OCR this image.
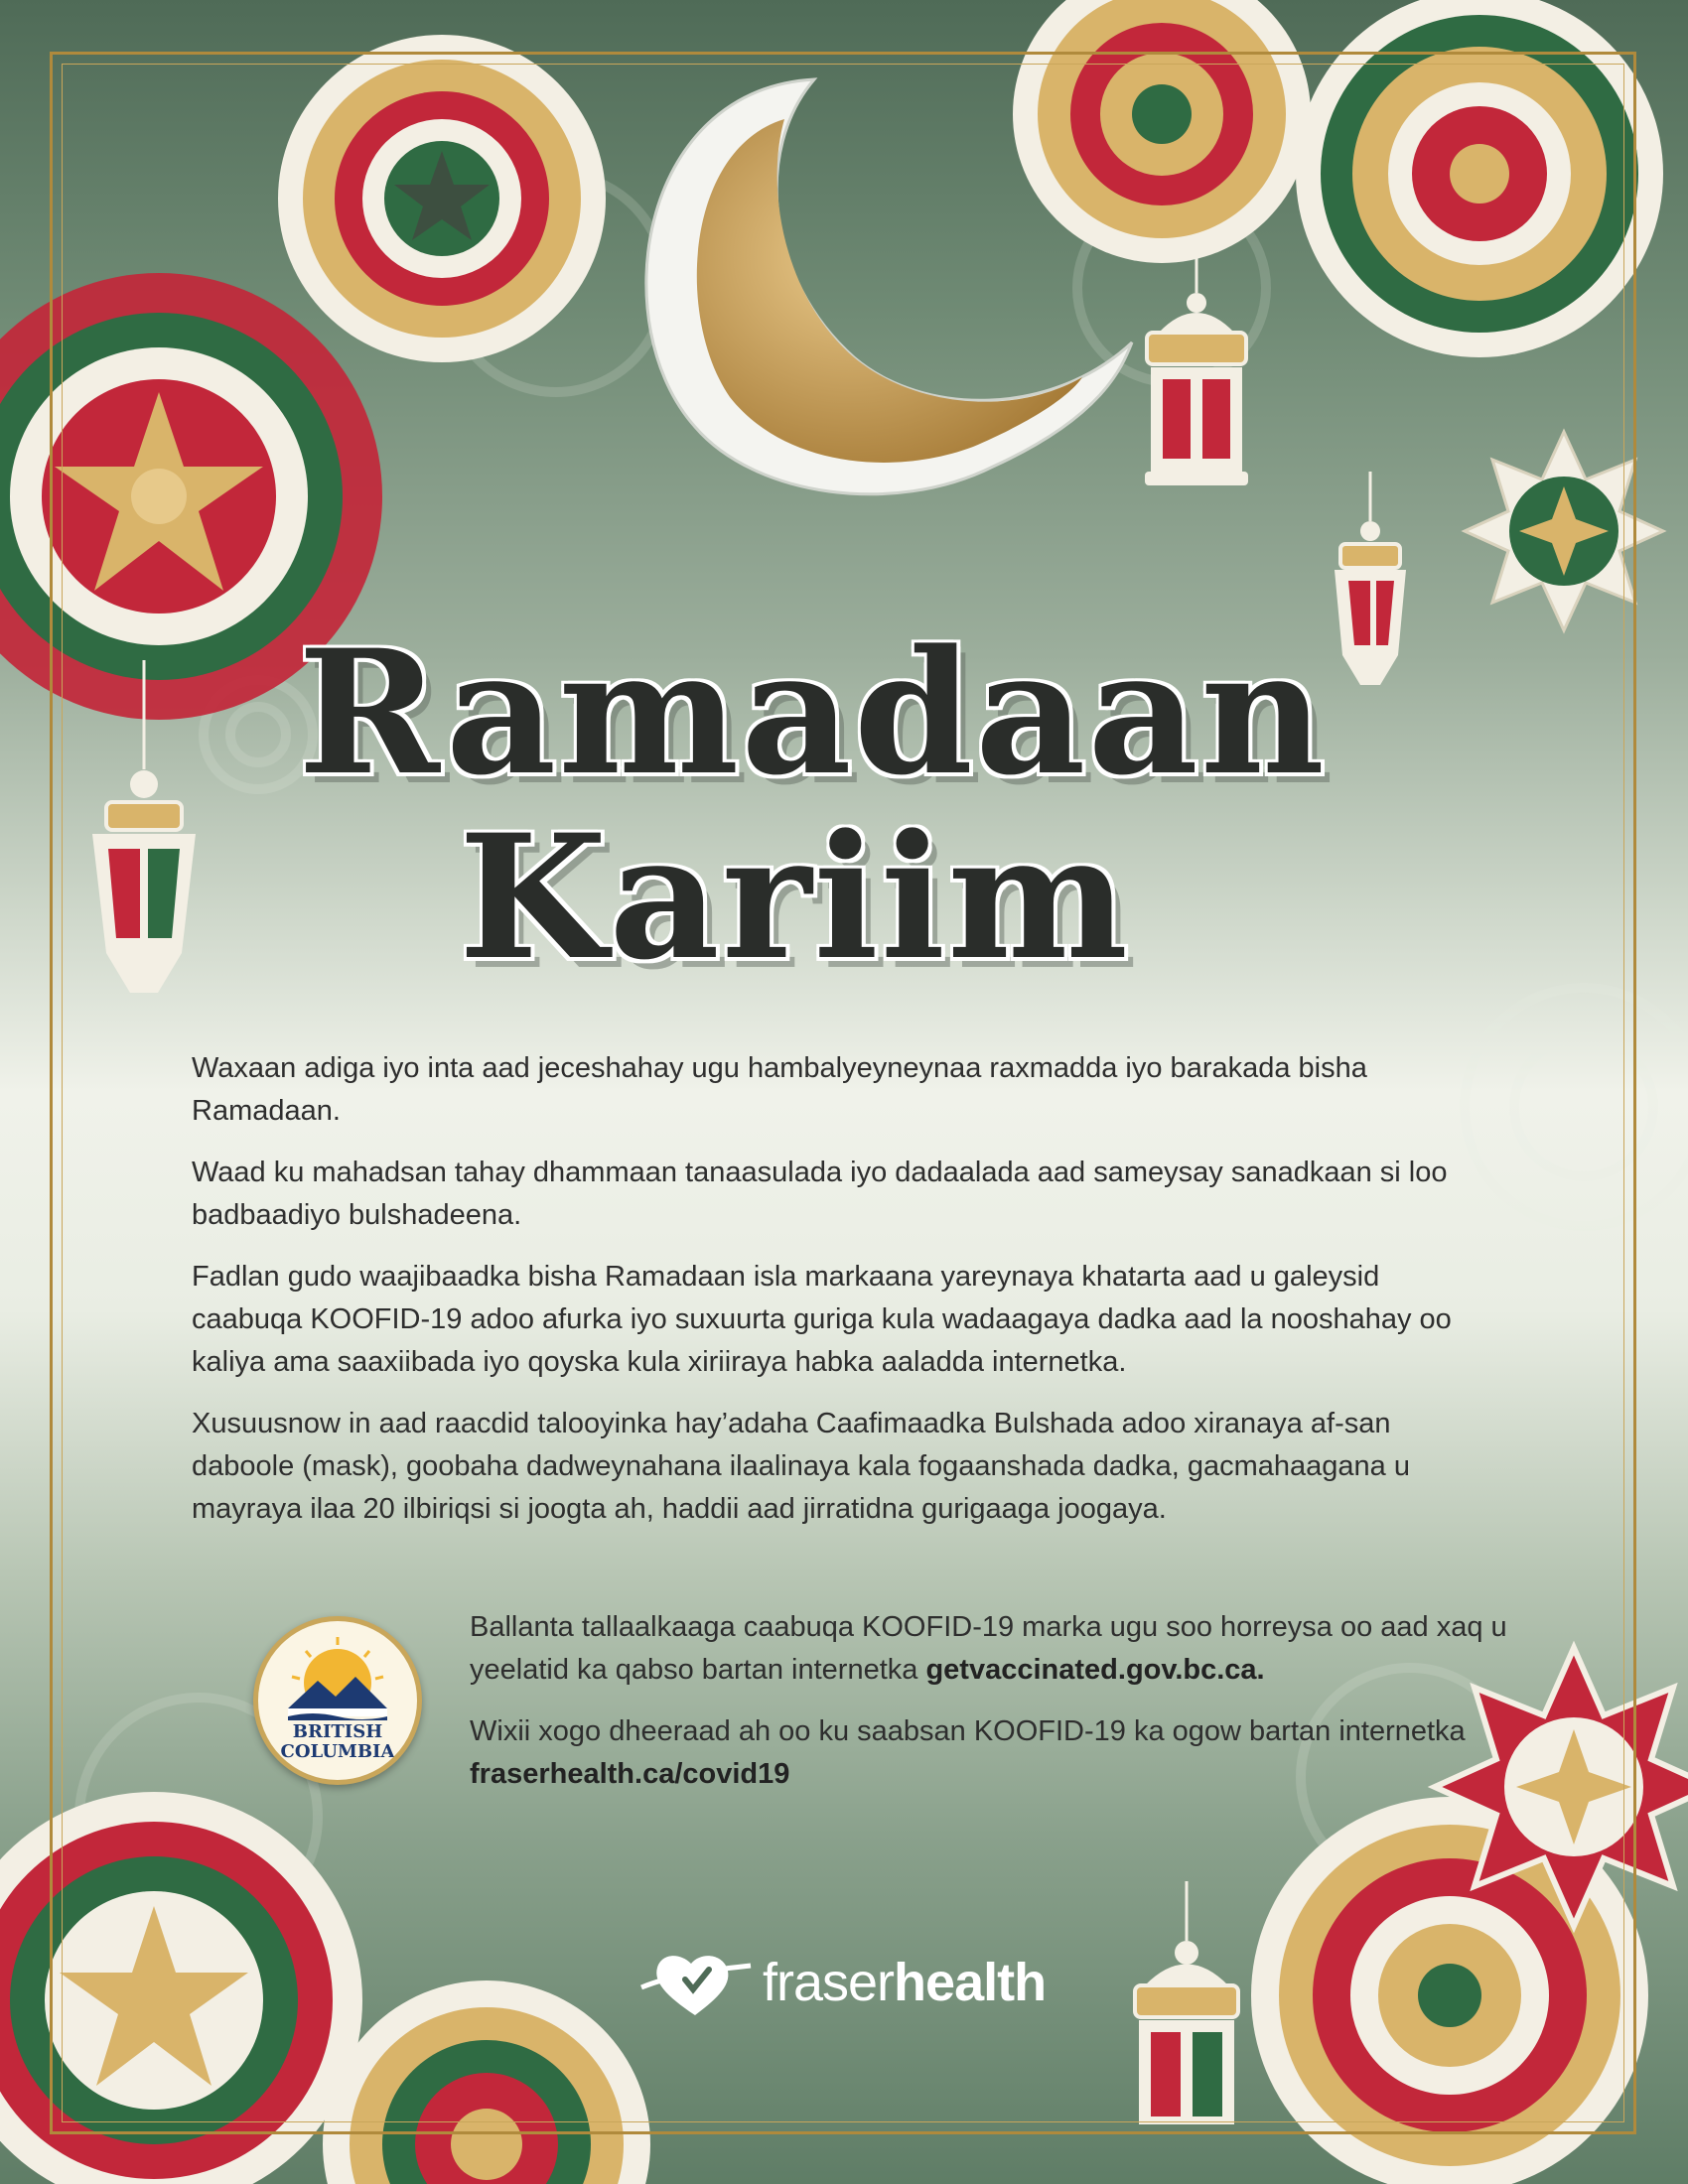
Ramadaan
Kariim

Waxaan adiga iyo inta aad jeceshahay ugu hambalyeyneynaa raxmadda iyo barakada bisha Ramadaan.

Waad ku mahadsan tahay dhammaan tanaasulada iyo dadaalada aad sameysay sanadkaan si loo badbaadiyo bulshadeena.

Fadlan gudo waajibaadka bisha Ramadaan isla markaana yareynaya khatarta aad u galeysid caabuqa KOOFID-19 adoo afurka iyo suxuurta guriga kula wadaagaya dadka aad la nooshahay oo kaliya ama saaxiibada iyo qoyska kula xiriiraya habka aaladda internetka.

Xusuusnow in aad raacdid talooyinka hay’adaha Caafimaadka Bulshada adoo xiranaya af-san daboole (mask), goobaha dadweynahana ilaalinaya kala fogaanshada dadka, gacmahaagana u mayraya ilaa 20 ilbiriqsi si joogta ah, haddii aad jirratidna gurigaaga joogaya.

BRITISH
COLUMBIA

Ballanta tallaalkaaga caabuqa KOOFID-19 marka ugu soo horreysa oo aad xaq u yeelatid ka qabso bartan internetka getvaccinated.gov.bc.ca.

Wixii xogo dheeraad ah oo ku saabsan KOOFID-19 ka ogow bartan internetka fraserhealth.ca/covid19

fraserhealth
